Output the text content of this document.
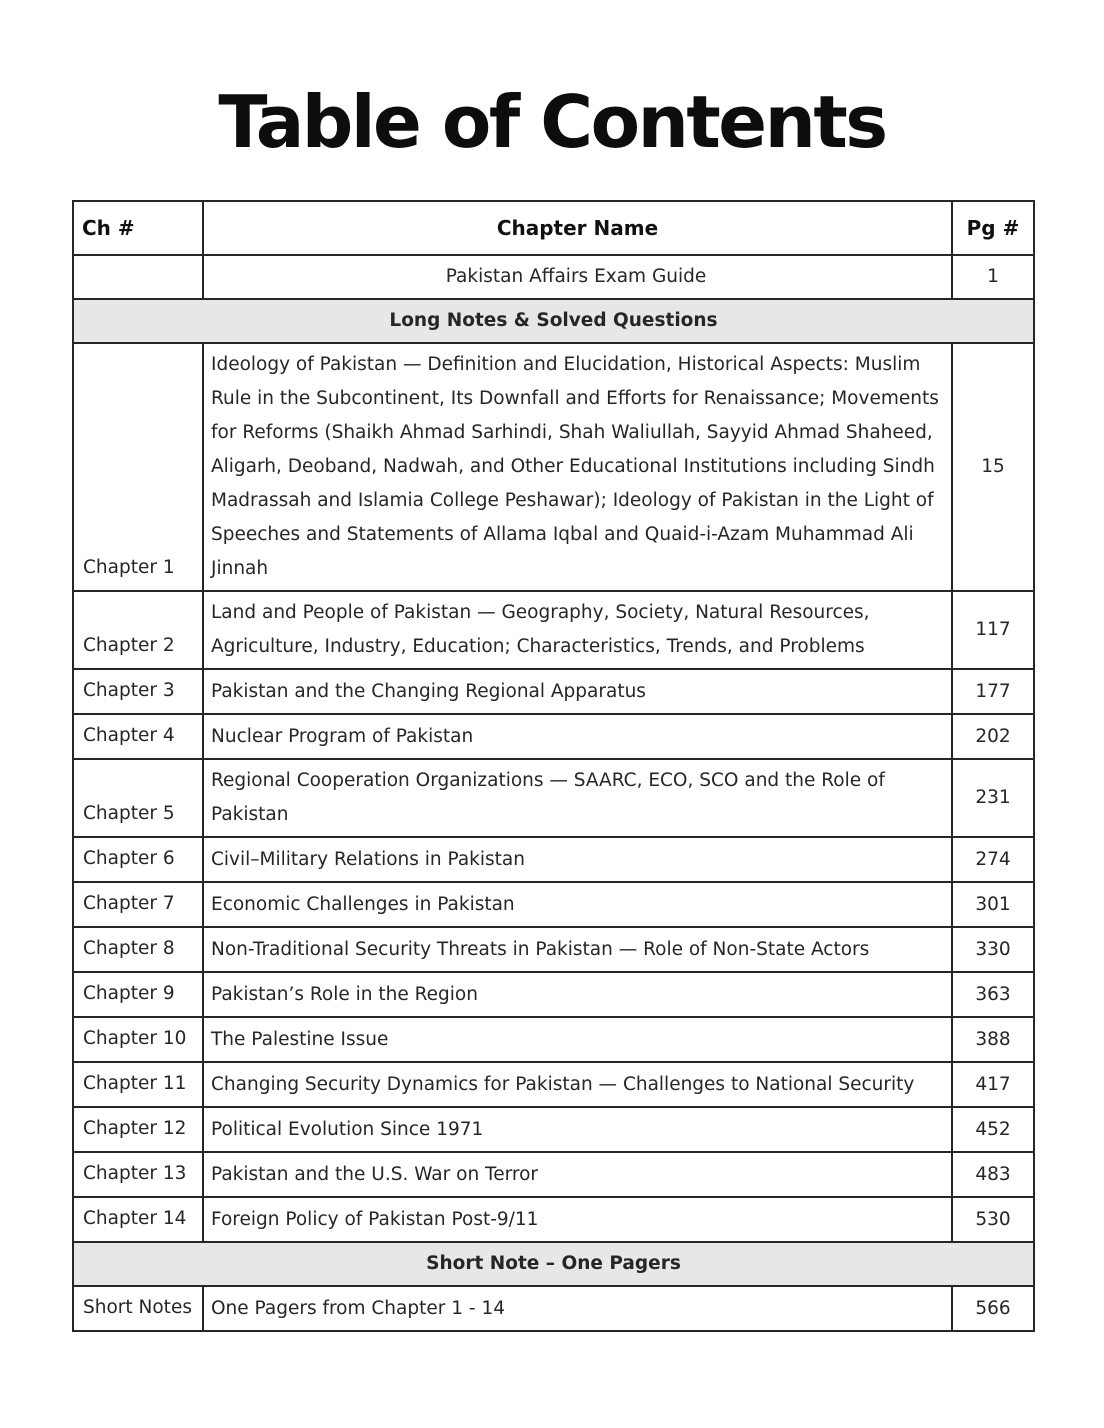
Table of Contents
Ch #	Chapter Name	Pg #
	Pakistan Affairs Exam Guide	1
Long Notes & Solved Questions		
Chapter 1	Ideology of Pakistan — Definition and Elucidation, Historical Aspects: Muslim Rule in the Subcontinent, Its Downfall and Efforts for Renaissance; Movements for Reforms (Shaikh Ahmad Sarhindi, Shah Waliullah, Sayyid Ahmad Shaheed, Aligarh, Deoband, Nadwah, and Other Educational Institutions including Sindh Madrassah and Islamia College Peshawar); Ideology of Pakistan in the Light of Speeches and Statements of Allama Iqbal and Quaid-i-Azam Muhammad Ali Jinnah	15
Chapter 2	Land and People of Pakistan — Geography, Society, Natural Resources, Agriculture, Industry, Education; Characteristics, Trends, and Problems	117
Chapter 3	Pakistan and the Changing Regional Apparatus	177
Chapter 4	Nuclear Program of Pakistan	202
Chapter 5	Regional Cooperation Organizations — SAARC, ECO, SCO and the Role of Pakistan	231
Chapter 6	Civil–Military Relations in Pakistan	274
Chapter 7	Economic Challenges in Pakistan	301
Chapter 8	Non-Traditional Security Threats in Pakistan — Role of Non-State Actors	330
Chapter 9	Pakistan’s Role in the Region	363
Chapter 10	The Palestine Issue	388
Chapter 11	Changing Security Dynamics for Pakistan — Challenges to National Security	417
Chapter 12	Political Evolution Since 1971	452
Chapter 13	Pakistan and the U.S. War on Terror	483
Chapter 14	Foreign Policy of Pakistan Post-9/11	530
Short Note – One Pagers		
Short Notes	One Pagers from Chapter 1 - 14	566
